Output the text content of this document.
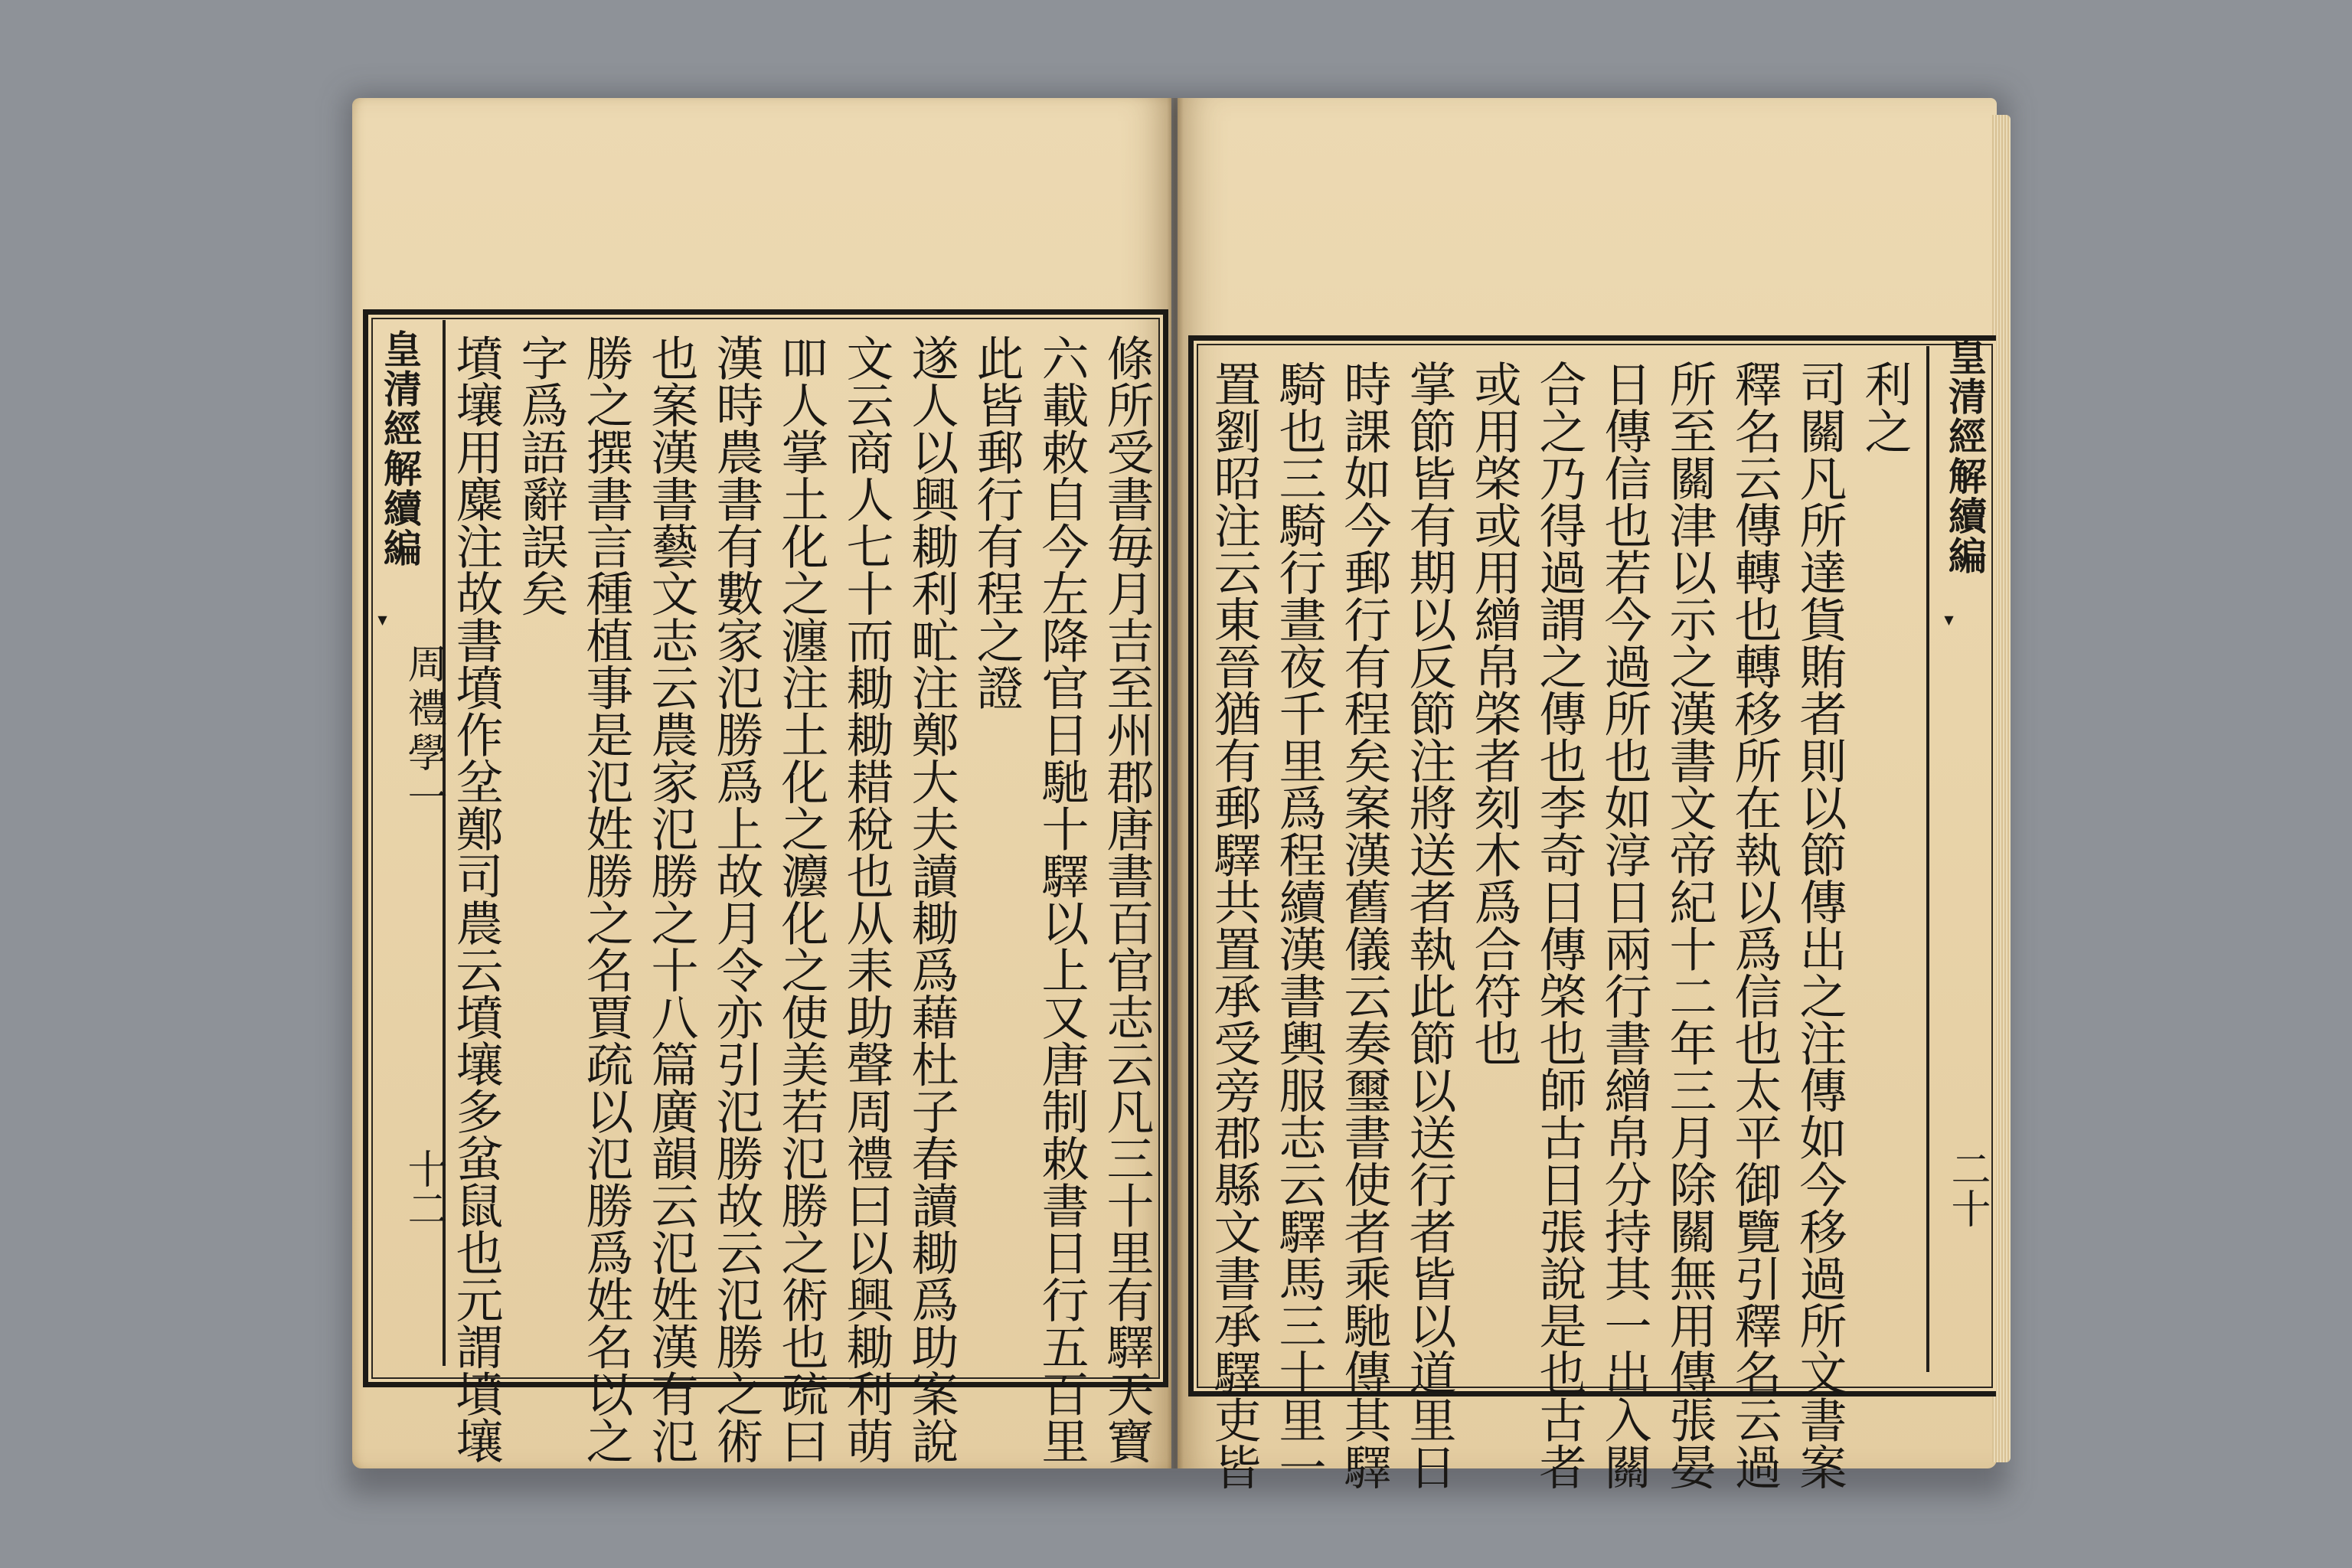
皇清經解續編
▼
周禮學一
十二	條所受書毎月吉至州郡唐書百官志云凡三十里有驛天寶
六載敕自今左降官日馳十驛以上又唐制敕書日行五百里
此皆郵行有程之證
遂人以興耡利甿注鄭大夫讀耡爲藉杜子春讀耡爲助案說
文云商人七十而耡耡耤稅也从耒助聲周禮曰以興耡利萌
吅人掌土化之瀍注土化之灋化之使美若氾勝之術也疏曰
漢時農書有數家氾勝爲上故月令亦引氾勝故云氾勝之術
也案漢書藝文志云農家氾勝之十八篇廣韻云氾姓漢有氾
勝之撰書言種植事是氾姓勝之名賈疏以氾勝爲姓名以之
字爲語辭誤矣
墳壤用麋注故書墳作坌鄭司農云墳壤多蚠鼠也元謂墳壤	皇清經解續編
▼
二十
利之
司關凡所達貨賄者則以節傳出之注傳如今移過所文書案
釋名云傳轉也轉移所在執以爲信也太平御覽引釋名云過
所至關津以示之漢書文帝紀十二年三月除關無用傳張晏
日傳信也若今過所也如淳日兩行書繒帛分持其一出入關
合之乃得過謂之傳也李奇日傳棨也師古日張說是也古者
或用棨或用繒帛棨者刻木爲合符也
掌節皆有期以反節注將送者執此節以送行者皆以道里日
時課如今郵行有程矣案漢舊儀云奏璽書使者乘馳傳其驛
騎也三騎行晝夜千里爲程續漢書輿服志云驛馬三十里一
置劉昭注云東晉猶有郵驛共置承受旁郡縣文書承驛吏皆
